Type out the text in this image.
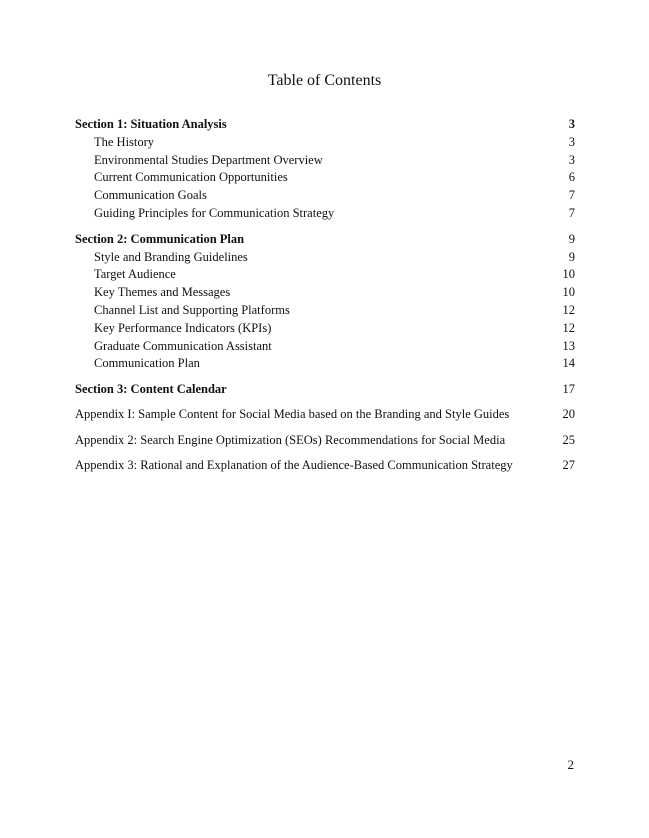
Table of Contents
Section 1: Situation Analysis	3
The History	3
Environmental Studies Department Overview	3
Current Communication Opportunities	6
Communication Goals	7
Guiding Principles for Communication Strategy	7
Section 2: Communication Plan	9
Style and Branding Guidelines	9
Target Audience	10
Key Themes and Messages	10
Channel List and Supporting Platforms	12
Key Performance Indicators (KPIs)	12
Graduate Communication Assistant	13
Communication Plan	14
Section 3: Content Calendar	17
Appendix I: Sample Content for Social Media based on the Branding and Style Guides	20
Appendix 2: Search Engine Optimization (SEOs) Recommendations for Social Media	25
Appendix 3: Rational and Explanation of the Audience-Based Communication Strategy	27
2
